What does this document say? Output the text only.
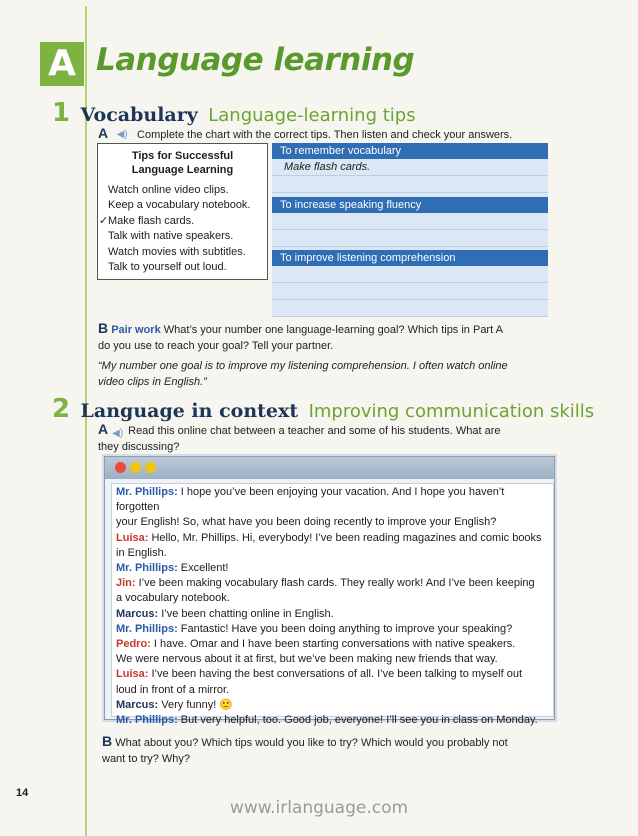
A Language learning
1 Vocabulary Language-learning tips
A ◀) Complete the chart with the correct tips. Then listen and check your answers.
Tips for Successful
Language Learning
Watch online video clips.
Keep a vocabulary notebook.
✓ Make flash cards.
Talk with native speakers.
Watch movies with subtitles.
Talk to yourself out loud.
To remember vocabulary
Make flash cards.
To increase speaking fluency
To improve listening comprehension
B Pair work What’s your number one language-learning goal? Which tips in Part A
do you use to reach your goal? Tell your partner.
“My number one goal is to improve my listening comprehension. I often watch online
video clips in English.”
2 Language in context Improving communication skills
A ◀) Read this online chat between a teacher and some of his students. What are
they discussing?
Mr. Phillips: I hope you’ve been enjoying your vacation. And I hope you haven’t forgotten
your English! So, what have you been doing recently to improve your English?
Luisa: Hello, Mr. Phillips. Hi, everybody! I’ve been reading magazines and comic books
in English.
Mr. Phillips: Excellent!
Jin: I’ve been making vocabulary flash cards. They really work! And I’ve been keeping
a vocabulary notebook.
Marcus: I’ve been chatting online in English.
Mr. Phillips: Fantastic! Have you been doing anything to improve your speaking?
Pedro: I have. Omar and I have been starting conversations with native speakers.
We were nervous about it at first, but we’ve been making new friends that way.
Luisa: I’ve been having the best conversations of all. I’ve been talking to myself out
loud in front of a mirror.
Marcus: Very funny! 🙂
Mr. Phillips: But very helpful, too. Good job, everyone! I’ll see you in class on Monday.
B What about you? Which tips would you like to try? Which would you probably not
want to try? Why?
14
www.irlanguage.com
